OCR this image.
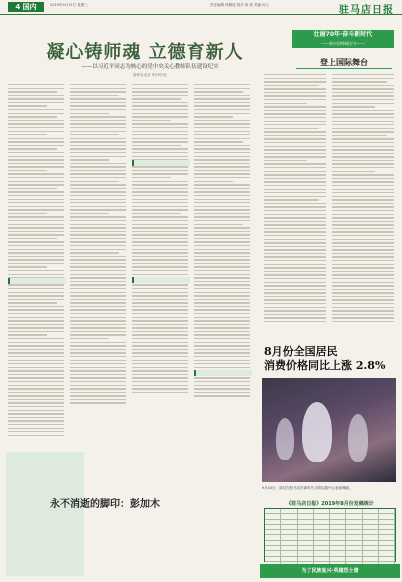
4 国内	2019年9月11日 星期三	责任编辑 徐佩瑶 校对 杨 波 美编 何士	驻马店日报
凝心铸师魂 立德育新人
——以习近平同志为核心的党中央关心教师队伍建设纪实
新华社北京 9月9日电
壮丽70年·奋斗新时代
——新中国峥嵘岁月——
登上国际舞台
8月份全国居民
消费价格同比上涨 2.8%
9月10日，演员在驻马店市新时代文明实践中心表演舞蹈。
永不消逝的脚印：彭加木	《驻马店日报》2019年8月份发稿统计
为了民族复兴·英雄烈士谱
